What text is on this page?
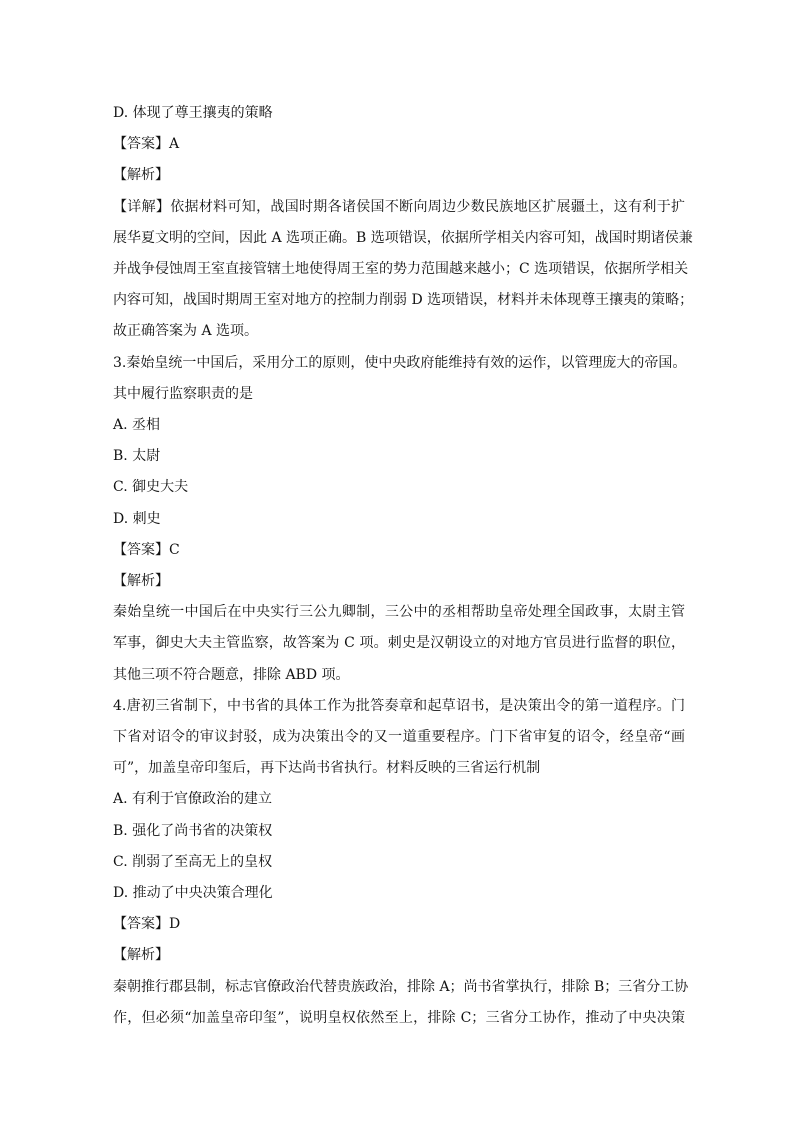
D. 体现了尊王攘夷的策略
【答案】A
【解析】
【详解】依据材料可知，战国时期各诸侯国不断向周边少数民族地区扩展疆土，这有利于扩
展华夏文明的空间，因此 A 选项正确。B 选项错误，依据所学相关内容可知，战国时期诸侯兼
并战争侵蚀周王室直接管辖土地使得周王室的势力范围越来越小；C 选项错误，依据所学相关
内容可知，战国时期周王室对地方的控制力削弱 D 选项错误，材料并未体现尊王攘夷的策略；
故正确答案为 A 选项。
3.秦始皇统一中国后，采用分工的原则，使中央政府能维持有效的运作，以管理庞大的帝国。
其中履行监察职责的是
A. 丞相
B. 太尉
C. 御史大夫
D. 刺史
【答案】C
【解析】
秦始皇统一中国后在中央实行三公九卿制，三公中的丞相帮助皇帝处理全国政事，太尉主管
军事，御史大夫主管监察，故答案为 C 项。刺史是汉朝设立的对地方官员进行监督的职位，
其他三项不符合题意，排除 ABD 项。
4.唐初三省制下，中书省的具体工作为批答奏章和起草诏书，是决策出令的第一道程序。门
下省对诏令的审议封驳，成为决策出令的又一道重要程序。门下省审复的诏令，经皇帝“画
可”，加盖皇帝印玺后，再下达尚书省执行。材料反映的三省运行机制
A. 有利于官僚政治的建立
B. 强化了尚书省的决策权
C. 削弱了至高无上的皇权
D. 推动了中央决策合理化
【答案】D
【解析】
秦朝推行郡县制，标志官僚政治代替贵族政治，排除 A；尚书省掌执行，排除 B；三省分工协
作，但必须“加盖皇帝印玺”，说明皇权依然至上，排除 C；三省分工协作，推动了中央决策
